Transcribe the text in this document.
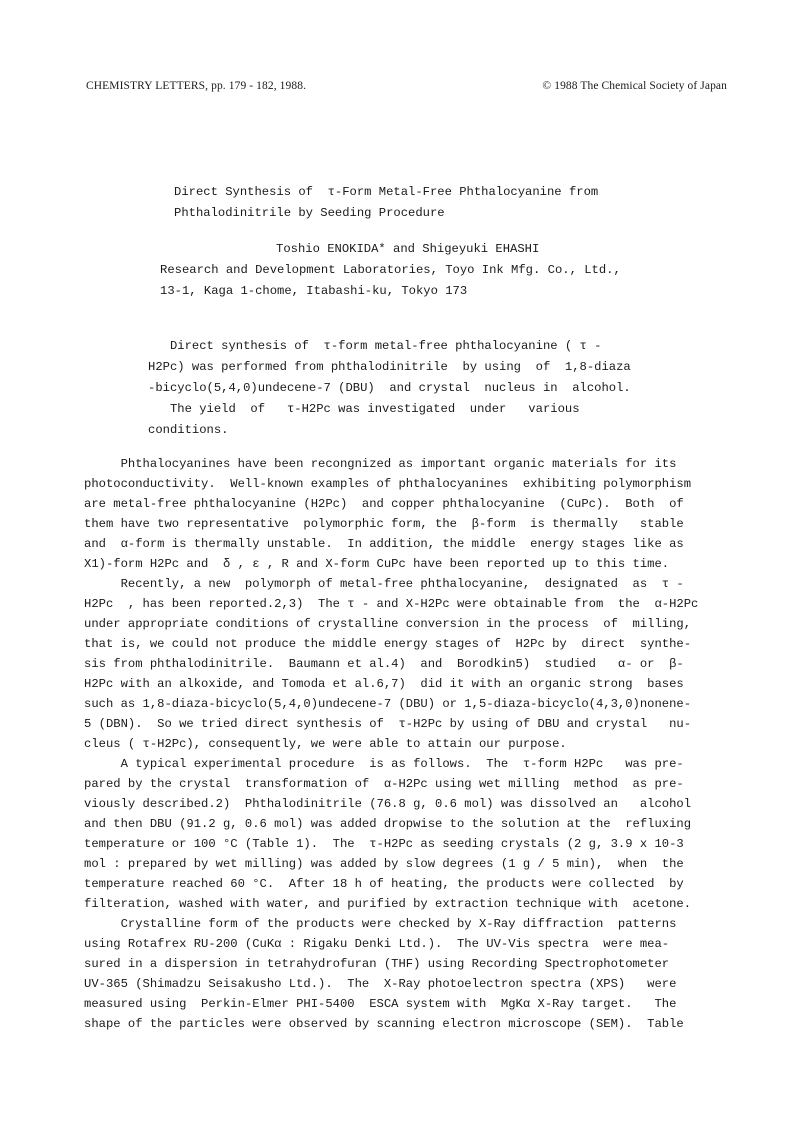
CHEMISTRY LETTERS, pp. 179 - 182, 1988.	© 1988 The Chemical Society of Japan
Direct Synthesis of  τ-Form Metal-Free Phthalocyanine from
Phthalodinitrile by Seeding Procedure
Toshio ENOKIDA* and Shigeyuki EHASHI
Research and Development Laboratories, Toyo Ink Mfg. Co., Ltd.,
13-1, Kaga 1-chome, Itabashi-ku, Tokyo 173
Direct synthesis of  τ-form metal-free phthalocyanine ( τ -
H2Pc) was performed from phthalodinitrile  by using  of  1,8-diaza
-bicyclo(5,4,0)undecene-7 (DBU)  and crystal  nucleus in  alcohol.
The yield  of   τ-H2Pc was investigated  under   various
conditions.
Phthalocyanines have been recongnized as important organic materials for its
photoconductivity.  Well-known examples of phthalocyanines  exhibiting polymorphism
are metal-free phthalocyanine (H2Pc)  and copper phthalocyanine  (CuPc).  Both  of
them have two representative  polymorphic form, the  β-form  is thermally   stable
and  α-form is thermally unstable.  In addition, the middle  energy stages like as
X1)-form H2Pc and  δ , ε , R and X-form CuPc have been reported up to this time.
Recently, a new  polymorph of metal-free phthalocyanine,  designated  as  τ -
H2Pc  , has been reported.2,3)  The τ - and X-H2Pc were obtainable from  the  α-H2Pc
under appropriate conditions of crystalline conversion in the process  of  milling,
that is, we could not produce the middle energy stages of  H2Pc by  direct  synthe-
sis from phthalodinitrile.  Baumann et al.4)  and  Borodkin5)  studied   α- or  β-
H2Pc with an alkoxide, and Tomoda et al.6,7)  did it with an organic strong  bases
such as 1,8-diaza-bicyclo(5,4,0)undecene-7 (DBU) or 1,5-diaza-bicyclo(4,3,0)nonene-
5 (DBN).  So we tried direct synthesis of  τ-H2Pc by using of DBU and crystal   nu-
cleus ( τ-H2Pc), consequently, we were able to attain our purpose.
A typical experimental procedure  is as follows.  The  τ-form H2Pc   was pre-
pared by the crystal  transformation of  α-H2Pc using wet milling  method  as pre-
viously described.2)  Phthalodinitrile (76.8 g, 0.6 mol) was dissolved an   alcohol
and then DBU (91.2 g, 0.6 mol) was added dropwise to the solution at the  refluxing
temperature or 100 °C (Table 1).  The  τ-H2Pc as seeding crystals (2 g, 3.9 x 10-3
mol : prepared by wet milling) was added by slow degrees (1 g / 5 min),  when  the
temperature reached 60 °C.  After 18 h of heating, the products were collected  by
filteration, washed with water, and purified by extraction technique with  acetone.
Crystalline form of the products were checked by X-Ray diffraction  patterns
using Rotafrex RU-200 (CuKα : Rigaku Denki Ltd.).  The UV-Vis spectra  were mea-
sured in a dispersion in tetrahydrofuran (THF) using Recording Spectrophotometer
UV-365 (Shimadzu Seisakusho Ltd.).  The  X-Ray photoelectron spectra (XPS)   were
measured using  Perkin-Elmer PHI-5400  ESCA system with  MgKα X-Ray target.   The
shape of the particles were observed by scanning electron microscope (SEM).  Table
